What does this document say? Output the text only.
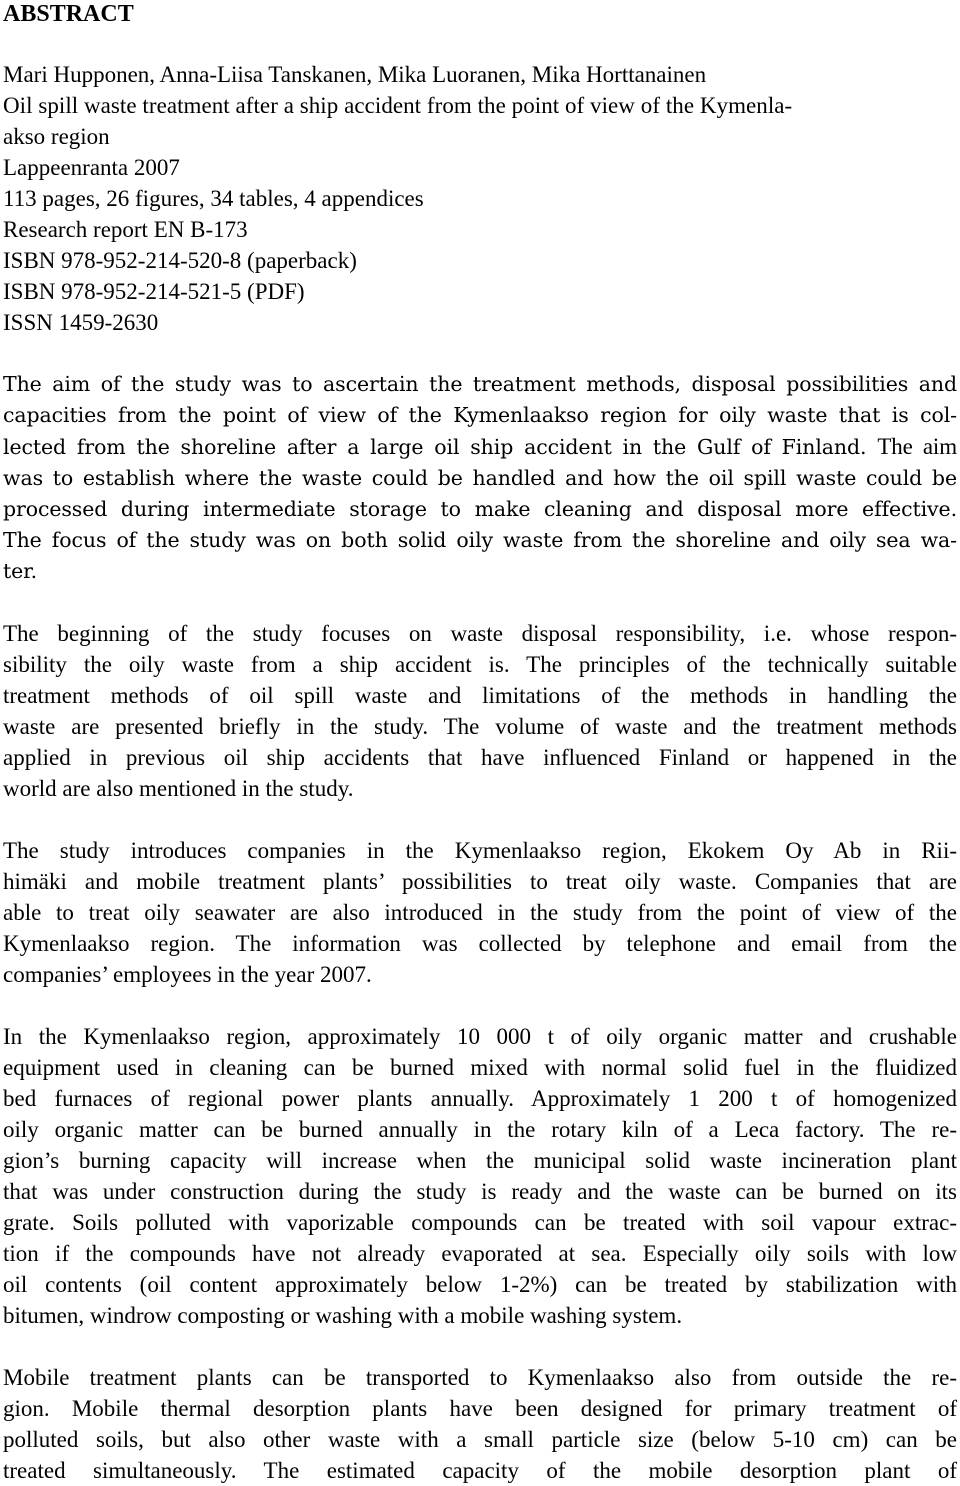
ABSTRACT
Mari Hupponen, Anna-Liisa Tanskanen, Mika Luoranen, Mika Horttanainen
Oil spill waste treatment after a ship accident from the point of view of the Kymenla-
akso region
Lappeenranta 2007
113 pages, 26 figures, 34 tables, 4 appendices
Research report EN B-173
ISBN 978-952-214-520-8 (paperback)
ISBN 978-952-214-521-5 (PDF)
ISSN 1459-2630
The aim of the study was to ascertain the treatment methods, disposal possibilities and
capacities from the point of view of the Kymenlaakso region for oily waste that is col-
lected from the shoreline after a large oil ship accident in the Gulf of Finland. The aim
was to establish where the waste could be handled and how the oil spill waste could be
processed during intermediate storage to make cleaning and disposal more effective.
The focus of the study was on both solid oily waste from the shoreline and oily sea wa-
ter.
The beginning of the study focuses on waste disposal responsibility, i.e. whose respon-
sibility the oily waste from a ship accident is. The principles of the technically suitable
treatment methods of oil spill waste and limitations of the methods in handling the
waste are presented briefly in the study. The volume of waste and the treatment methods
applied in previous oil ship accidents that have influenced Finland or happened in the
world are also mentioned in the study.
The study introduces companies in the Kymenlaakso region, Ekokem Oy Ab in Rii-
himäki and mobile treatment plants’ possibilities to treat oily waste. Companies that are
able to treat oily seawater are also introduced in the study from the point of view of the
Kymenlaakso region. The information was collected by telephone and email from the
companies’ employees in the year 2007.
In the Kymenlaakso region, approximately 10 000 t of oily organic matter and crushable
equipment used in cleaning can be burned mixed with normal solid fuel in the fluidized
bed furnaces of regional power plants annually. Approximately 1 200 t of homogenized
oily organic matter can be burned annually in the rotary kiln of a Leca factory. The re-
gion’s burning capacity will increase when the municipal solid waste incineration plant
that was under construction during the study is ready and the waste can be burned on its
grate. Soils polluted with vaporizable compounds can be treated with soil vapour extrac-
tion if the compounds have not already evaporated at sea. Especially oily soils with low
oil contents (oil content approximately below 1-2%) can be treated by stabilization with
bitumen, windrow composting or washing with a mobile washing system.
Mobile treatment plants can be transported to Kymenlaakso also from outside the re-
gion. Mobile thermal desorption plants have been designed for primary treatment of
polluted soils, but also other waste with a small particle size (below 5-10 cm) can be
treated simultaneously. The estimated capacity of the mobile desorption plant of
